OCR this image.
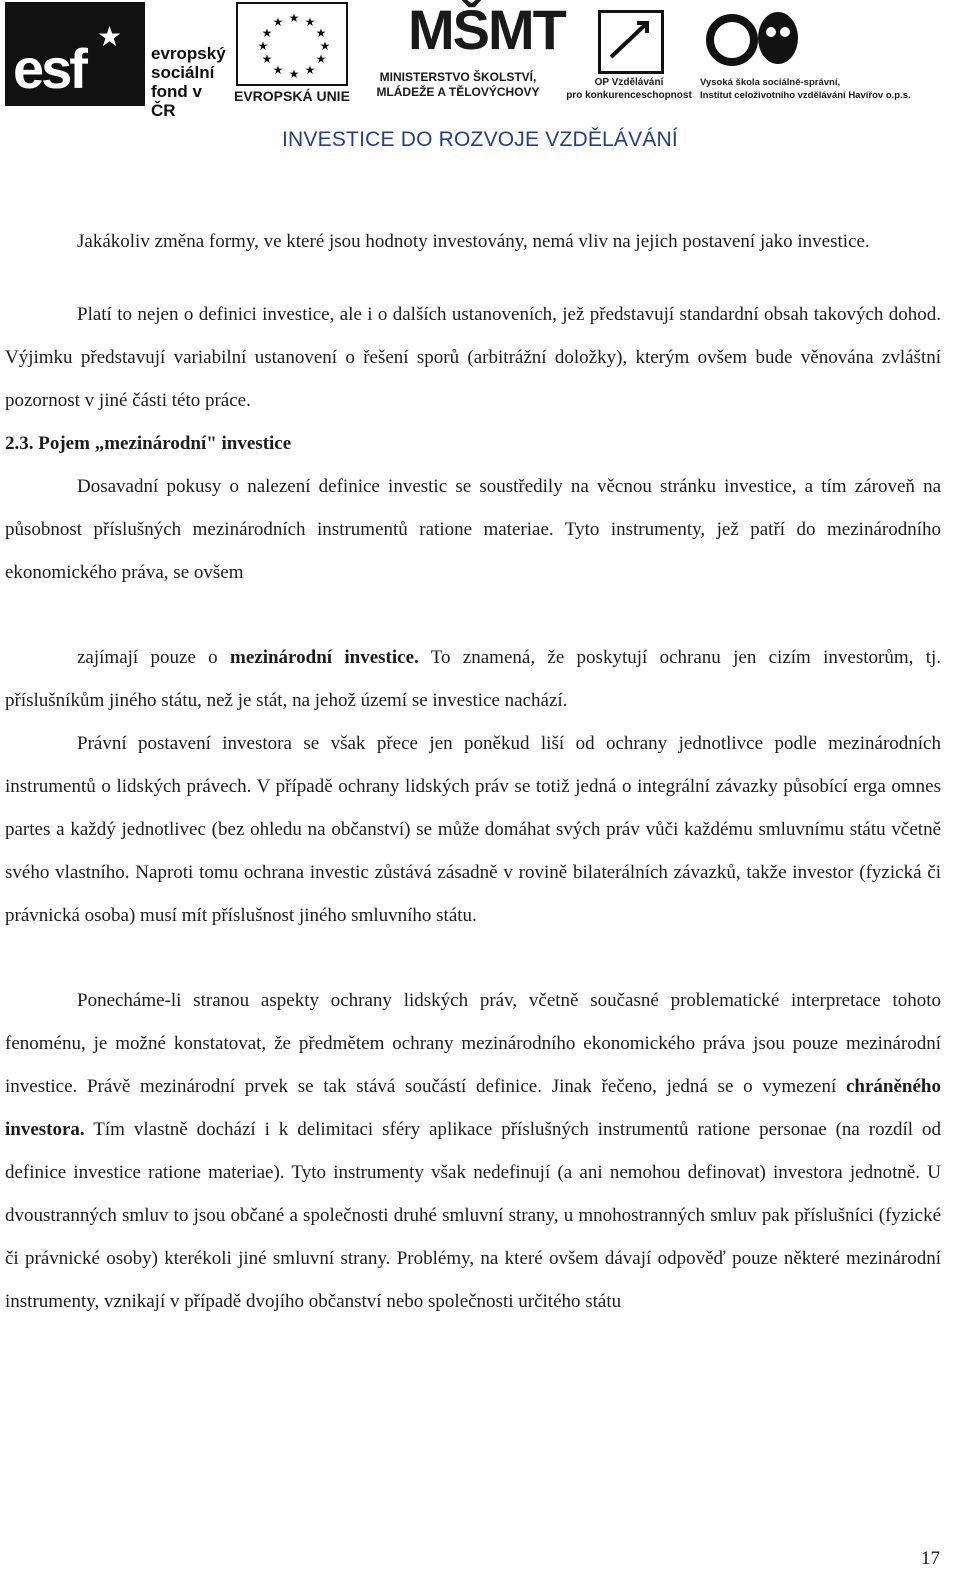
esf ★
evropský
sociální
fond v ČR
★ ★
★
★
★
★
★
★
★
★
★
★
EVROPSKÁ UNIE
MŠMT
MINISTERSTVO ŠKOLSTVÍ,
MLÁDEŽE A TĚLOVÝCHOVY
OP Vzdělávání
pro konkurenceschopnost
Vysoká škola sociálně-správní,
Institut celoživotního vzdělávání Havířov o.p.s.
INVESTICE DO ROZVOJE VZDĚLÁVÁNÍ

Jakákoliv změna formy, ve které jsou hodnoty investovány, nemá vliv na jejich postavení jako investice.

Platí to nejen o definici investice, ale i o dalších ustanoveních, jež představují standardní obsah takových dohod. Výjimku představují variabilní ustanovení o řešení sporů (arbitrážní doložky), kterým ovšem bude věnována zvláštní pozornost v jiné části této práce.

2.3. Pojem „mezinárodní" investice

Dosavadní pokusy o nalezení definice investic se soustředily na věcnou stránku investice, a tím zároveň na působnost příslušných mezinárodních instrumentů ratione materiae. Tyto instrumenty, jež patří do mezinárodního ekonomického práva, se ovšem

zajímají pouze o mezinárodní investice. To znamená, že poskytují ochranu jen cizím investorům, tj. příslušníkům jiného státu, než je stát, na jehož území se investice nachází.

Právní postavení investora se však přece jen poněkud liší od ochrany jednotlivce podle mezinárodních instrumentů o lidských právech. V případě ochrany lidských práv se totiž jedná o integrální závazky působící erga omnes partes a každý jednotlivec (bez ohledu na občanství) se může domáhat svých práv vůči každému smluvnímu státu včetně svého vlastního. Naproti tomu ochrana investic zůstává zásadně v rovině bilaterálních závazků, takže investor (fyzická či právnická osoba) musí mít příslušnost jiného smluvního státu.

Ponecháme-li stranou aspekty ochrany lidských práv, včetně současné problematické interpretace tohoto fenoménu, je možné konstatovat, že předmětem ochrany mezinárodního ekonomického práva jsou pouze mezinárodní investice. Právě mezinárodní prvek se tak stává součástí definice. Jinak řečeno, jedná se o vymezení chráněného investora. Tím vlastně dochází i k delimitaci sféry aplikace příslušných instrumentů ratione personae (na rozdíl od definice investice ratione materiae). Tyto instrumenty však nedefinují (a ani nemohou definovat) investora jednotně. U dvoustranných smluv to jsou občané a společnosti druhé smluvní strany, u mnohostranných smluv pak příslušníci (fyzické či právnické osoby) kterékoli jiné smluvní strany. Problémy, na které ovšem dávají odpověď pouze některé mezinárodní instrumenty, vznikají v případě dvojího občanství nebo společnosti určitého státu

17
